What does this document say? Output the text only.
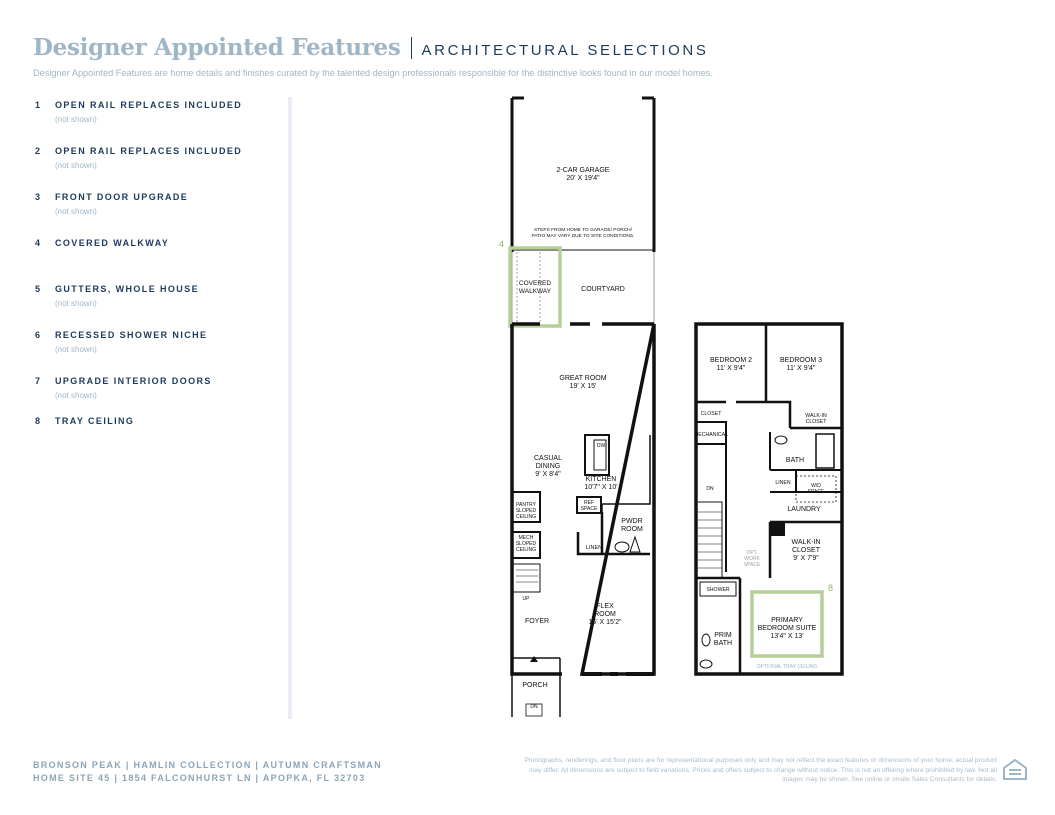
Designer Appointed Features ARCHITECTURAL SELECTIONS
Designer Appointed Features are home details and finishes curated by the talented design professionals responsible for the distinctive looks found in our model homes.
1 OPEN RAIL REPLACES INCLUDED
(not shown)
2 OPEN RAIL REPLACES INCLUDED
(not shown)
3 FRONT DOOR UPGRADE
(not shown)
4 COVERED WALKWAY
5 GUTTERS, WHOLE HOUSE
(not shown)
6 RECESSED SHOWER NICHE
(not shown)
7 UPGRADE INTERIOR DOORS
(not shown)
8 TRAY CEILING
2-CAR GARAGE
20' X 19'4"
STEPS FROM HOME TO GARAGE/ PORCH/
PATIO MAY VARY DUE TO SITE CONDITIONS.
4
COVERED
WALKWAY	COURTYARD
GREAT ROOM
19' X 15'
CASUAL
DINING
9' X 8'4"
DW
KITCHEN
10'7" X 10'
REF
SPACE
PANTRY
SLOPED
CEILING
MECH
SLOPED
CEILING
PWDR
ROOM
LINEN
UP
FOYER
FLEX
ROOM
16' X 15'2"
PORCH
DN
BEDROOM 2
11' X 9'4"
BEDROOM 3
11' X 9'4"
CLOSET
MECHANICAL
WALK-IN
CLOSET
BATH
LINEN	W/D
SPACE
LAUNDRY
DN
OPT.
WORK
SPACE
WALK-IN
CLOSET
9' X 7'9"
SHOWER
PRIMARY
BEDROOM SUITE
13'4" X 13'
PRIM
BATH
OPTIONAL TRAY CEILING
8
BRONSON PEAK | HAMLIN COLLECTION | AUTUMN CRAFTSMAN
HOME SITE 45 | 1854 FALCONHURST LN | APOPKA, FL 32703
Photographs, renderings, and floor plans are for representational purposes only and may not reflect the exact features or dimensions of your home; actual product may differ. All dimensions are subject to field variations. Prices and offers subject to change without notice. This is not an offering where prohibited by law. Not all images may be shown. See online or onsite Sales Consultants for details.
